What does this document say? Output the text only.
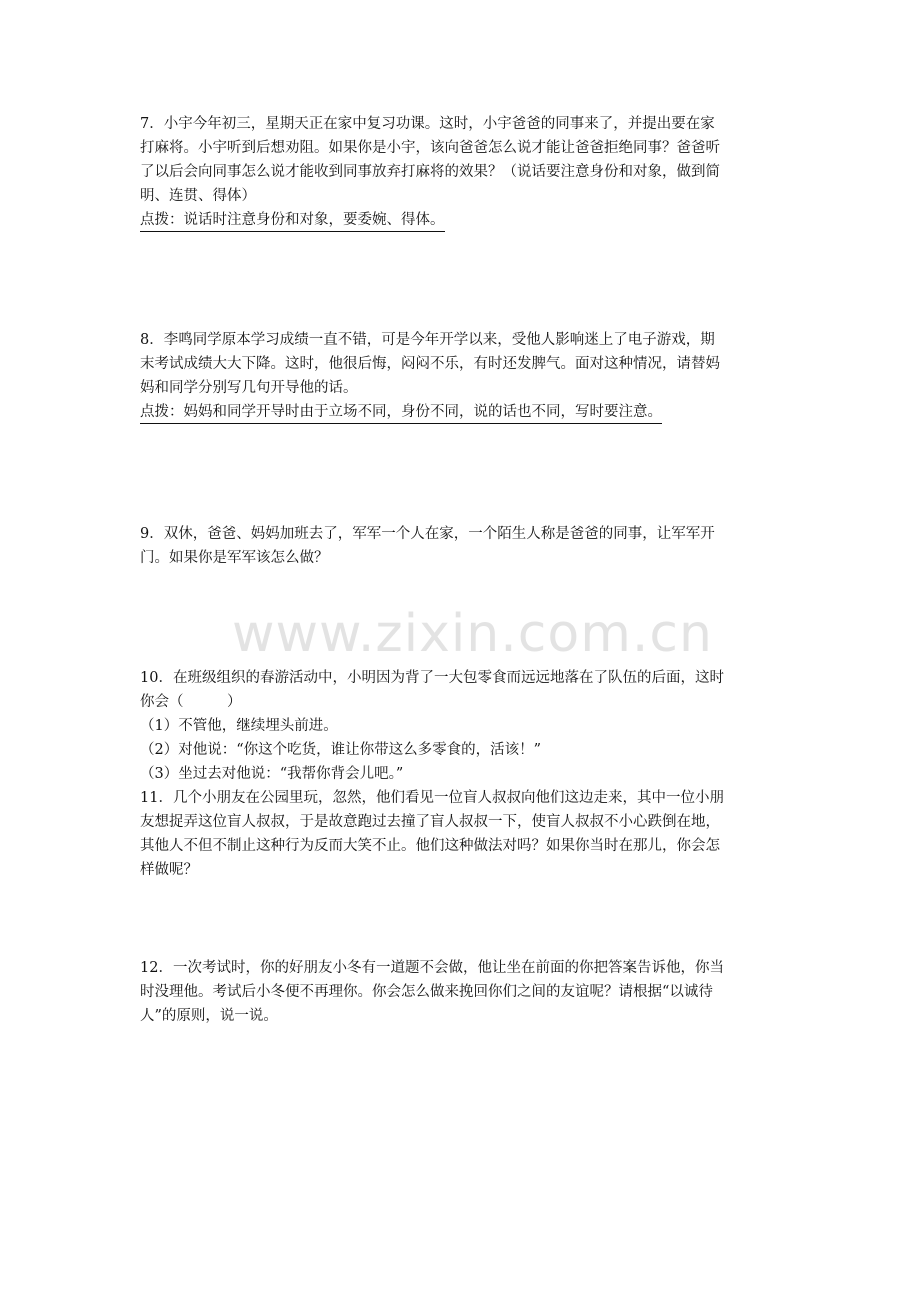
www.zixin.com.cn
7．小宇今年初三，星期天正在家中复习功课。这时，小宇爸爸的同事来了，并提出要在家
打麻将。小宇听到后想劝阻。如果你是小宇，该向爸爸怎么说才能让爸爸拒绝同事？爸爸听
了以后会向同事怎么说才能收到同事放弃打麻将的效果？（说话要注意身份和对象，做到简
明、连贯、得体）
点拨：说话时注意身份和对象，要委婉、得体。
8．李鸣同学原本学习成绩一直不错，可是今年开学以来，受他人影响迷上了电子游戏，期
末考试成绩大大下降。这时，他很后悔，闷闷不乐，有时还发脾气。面对这种情况，请替妈
妈和同学分别写几句开导他的话。
点拨：妈妈和同学开导时由于立场不同，身份不同，说的话也不同，写时要注意。
9．双休，爸爸、妈妈加班去了，军军一个人在家，一个陌生人称是爸爸的同事，让军军开
门。如果你是军军该怎么做？
10．在班级组织的春游活动中，小明因为背了一大包零食而远远地落在了队伍的后面，这时
你会（　　　）
（1）不管他，继续埋头前进。
（2）对他说：“你这个吃货，谁让你带这么多零食的，活该！”
（3）坐过去对他说：“我帮你背会儿吧。”
11．几个小朋友在公园里玩，忽然，他们看见一位盲人叔叔向他们这边走来，其中一位小朋
友想捉弄这位盲人叔叔，于是故意跑过去撞了盲人叔叔一下，使盲人叔叔不小心跌倒在地，
其他人不但不制止这种行为反而大笑不止。他们这种做法对吗？如果你当时在那儿，你会怎
样做呢？
12．一次考试时，你的好朋友小冬有一道题不会做，他让坐在前面的你把答案告诉他，你当
时没理他。考试后小冬便不再理你。你会怎么做来挽回你们之间的友谊呢？请根据“以诚待
人”的原则，说一说。
